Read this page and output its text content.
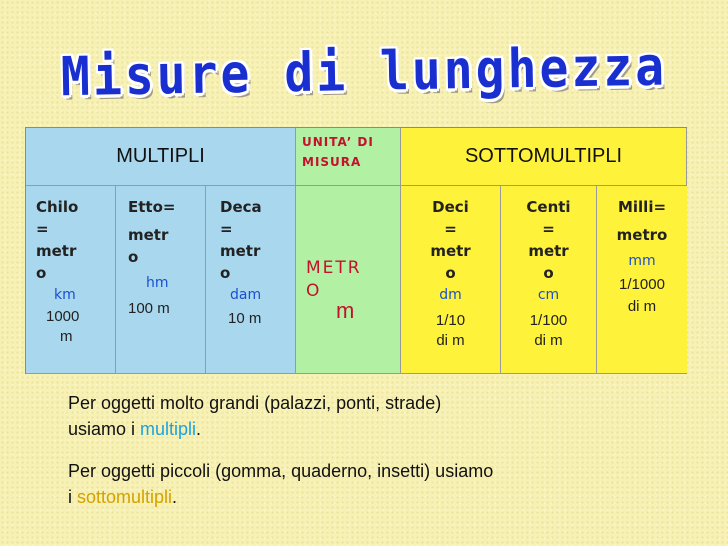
Misure di lunghezza
MULTIPLI
UNITA’ DI
MISURA	SOTTOMULTIPLI
Chilo
=
metr
o
km
1000
m
Etto=
metr
o
hm
100 m
Deca
=
metr
o
dam
10 m
METR
O
m
Deci
=
metr
o
dm
1/10
di m
Centi
=
metr
o
cm
1/100
di m
Milli=
metro
mm
1/1000
di m
Per oggetti molto grandi (palazzi, ponti, strade)
usiamo i multipli.
Per oggetti piccoli (gomma, quaderno, insetti) usiamo
i sottomultipli.
